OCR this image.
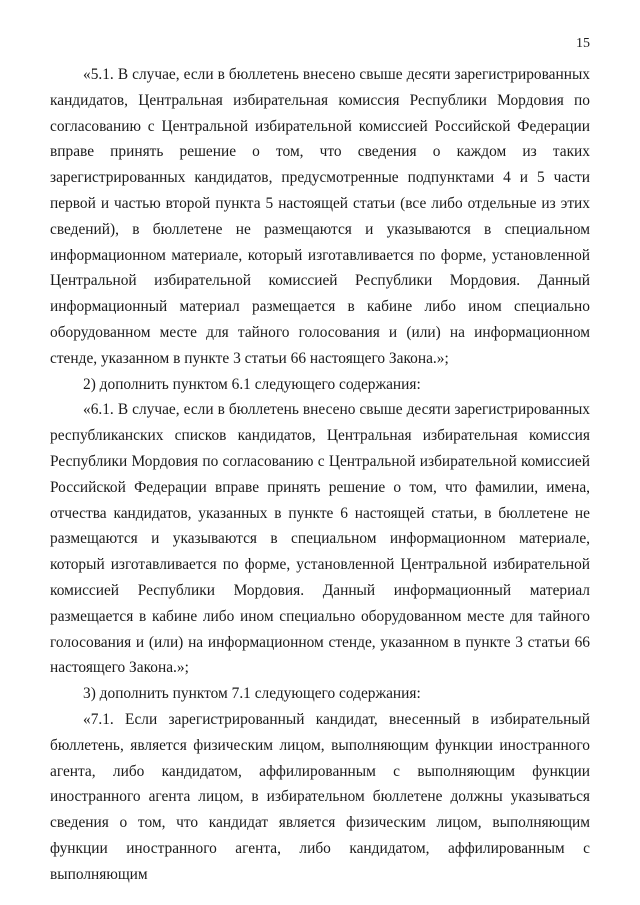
15

«5.1. В случае, если в бюллетень внесено свыше десяти зарегистрированных кандидатов, Центральная избирательная комиссия Республики Мордовия по согласованию с Центральной избирательной комиссией Российской Федерации вправе принять решение о том, что сведения о каждом из таких зарегистрированных кандидатов, предусмотренные подпунктами 4 и 5 части первой и частью второй пункта 5 настоящей статьи (все либо отдельные из этих сведений), в бюллетене не размещаются и указываются в специальном информационном материале, который изготавливается по форме, установленной Центральной избирательной комиссией Республики Мордовия. Данный информационный материал размещается в кабине либо ином специально оборудованном месте для тайного голосования и (или) на информационном стенде, указанном в пункте 3 статьи 66 настоящего Закона.»;

2) дополнить пунктом 6.1 следующего содержания:

«6.1. В случае, если в бюллетень внесено свыше десяти зарегистрированных республиканских списков кандидатов, Центральная избирательная комиссия Республики Мордовия по согласованию с Центральной избирательной комиссией Российской Федерации вправе принять решение о том, что фамилии, имена, отчества кандидатов, указанных в пункте 6 настоящей статьи, в бюллетене не размещаются и указываются в специальном информационном материале, который изготавливается по форме, установленной Центральной избирательной комиссией Республики Мордовия. Данный информационный материал размещается в кабине либо ином специально оборудованном месте для тайного голосования и (или) на информационном стенде, указанном в пункте 3 статьи 66 настоящего Закона.»;

3) дополнить пунктом 7.1 следующего содержания:

«7.1. Если зарегистрированный кандидат, внесенный в избирательный бюллетень, является физическим лицом, выполняющим функции иностранного агента, либо кандидатом, аффилированным с выполняющим функции иностранного агента лицом, в избирательном бюллетене должны указываться сведения о том, что кандидат является физическим лицом, выполняющим функции иностранного агента, либо кандидатом, аффилированным с выполняющим
